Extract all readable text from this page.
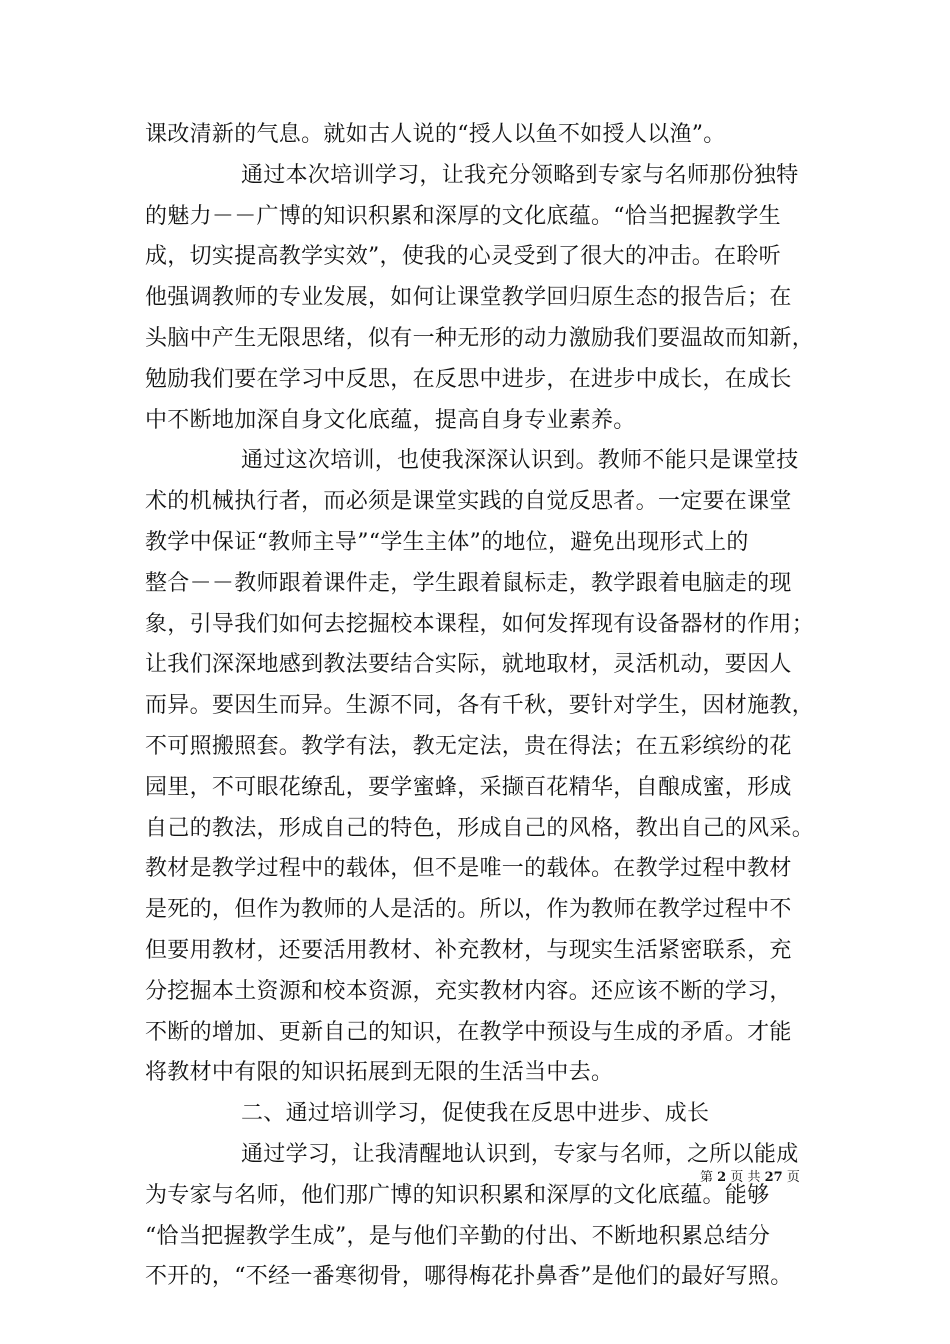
课改清新的气息。就如古人说的“授人以鱼不如授人以渔”。
通过本次培训学习，让我充分领略到专家与名师那份独特
的魅力－－广博的知识积累和深厚的文化底蕴。“恰当把握教学生
成，切实提高教学实效”，使我的心灵受到了很大的冲击。在聆听
他强调教师的专业发展，如何让课堂教学回归原生态的报告后；在
头脑中产生无限思绪，似有一种无形的动力激励我们要温故而知新，
勉励我们要在学习中反思，在反思中进步，在进步中成长，在成长
中不断地加深自身文化底蕴，提高自身专业素养。
通过这次培训，也使我深深认识到。教师不能只是课堂技
术的机械执行者，而必须是课堂实践的自觉反思者。一定要在课堂
教学中保证“教师主导”“学生主体”的地位，避免出现形式上的
整合－－教师跟着课件走，学生跟着鼠标走，教学跟着电脑走的现
象，引导我们如何去挖掘校本课程，如何发挥现有设备器材的作用；
让我们深深地感到教法要结合实际，就地取材，灵活机动，要因人
而异。要因生而异。生源不同，各有千秋，要针对学生，因材施教，
不可照搬照套。教学有法，教无定法，贵在得法；在五彩缤纷的花
园里，不可眼花缭乱，要学蜜蜂，采撷百花精华，自酿成蜜，形成
自己的教法，形成自己的特色，形成自己的风格，教出自己的风采。
教材是教学过程中的载体，但不是唯一的载体。在教学过程中教材
是死的，但作为教师的人是活的。所以，作为教师在教学过程中不
但要用教材，还要活用教材、补充教材，与现实生活紧密联系，充
分挖掘本土资源和校本资源，充实教材内容。还应该不断的学习，
不断的增加、更新自己的知识，在教学中预设与生成的矛盾。才能
将教材中有限的知识拓展到无限的生活当中去。
二、通过培训学习，促使我在反思中进步、成长
通过学习，让我清醒地认识到，专家与名师，之所以能成
为专家与名师，他们那广博的知识积累和深厚的文化底蕴。能够
“恰当把握教学生成”，是与他们辛勤的付出、不断地积累总结分
不开的，“不经一番寒彻骨，哪得梅花扑鼻香”是他们的最好写照。
第 2 页 共 27 页
